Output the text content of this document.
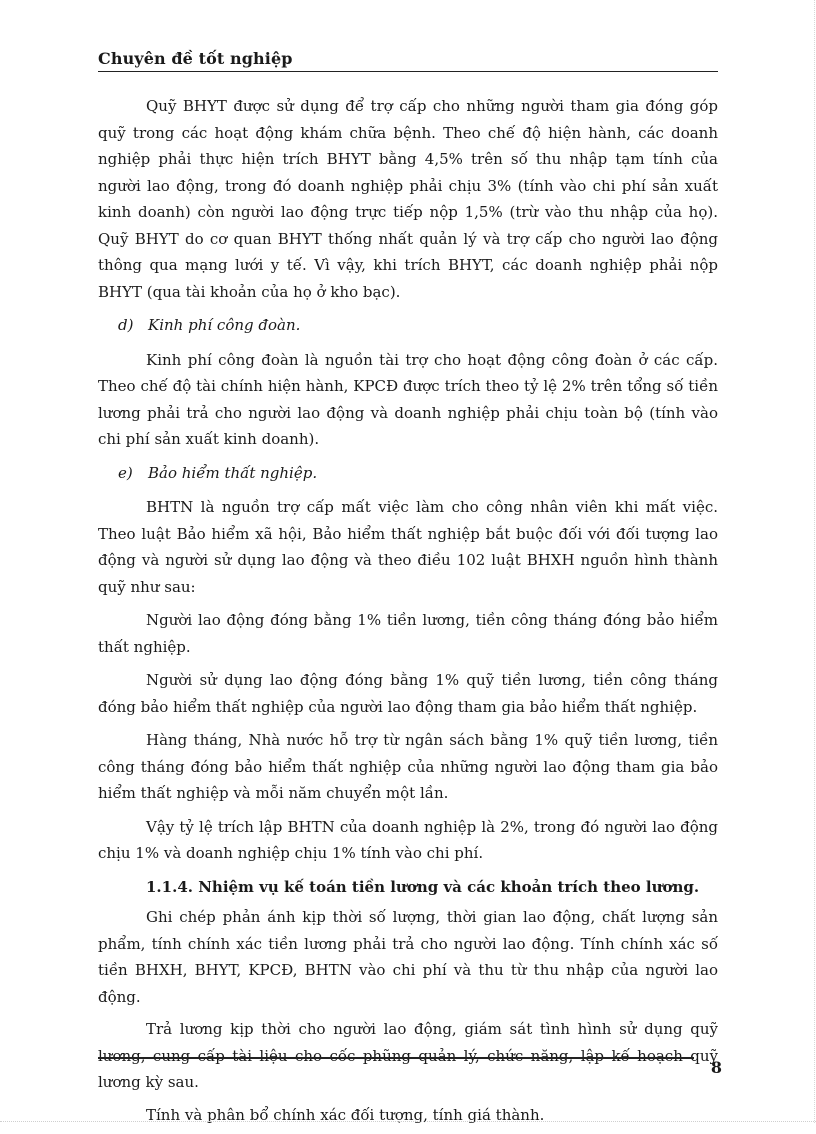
Chuyên đề tốt nghiệp

Quỹ BHYT được sử dụng để trợ cấp cho những người tham gia đóng góp quỹ trong các hoạt động khám chữa bệnh. Theo chế độ hiện hành, các doanh nghiệp phải thực hiện trích BHYT bằng 4,5% trên số thu nhập tạm tính của người lao động, trong đó doanh nghiệp phải chịu 3% (tính vào chi phí sản xuất kinh doanh) còn người lao động trực tiếp nộp 1,5% (trừ vào thu nhập của họ). Quỹ BHYT do cơ quan BHYT thống nhất quản lý và trợ cấp cho người lao động thông qua mạng lưới y tế. Vì vậy, khi trích BHYT, các doanh nghiệp phải nộp BHYT (qua tài khoản của họ ở kho bạc).

d) Kinh phí công đoàn.

Kinh phí công đoàn là nguồn tài trợ cho hoạt động công đoàn ở các cấp. Theo chế độ tài chính hiện hành, KPCĐ được trích theo tỷ lệ 2% trên tổng số tiền lương phải trả cho người lao động và doanh nghiệp phải chịu toàn bộ (tính vào chi phí sản xuất kinh doanh).

e) Bảo hiểm thất nghiệp.

BHTN là nguồn trợ cấp mất việc làm cho công nhân viên khi mất việc. Theo luật Bảo hiểm xã hội, Bảo hiểm thất nghiệp bắt buộc đối với đối tượng lao động và người sử dụng lao động và theo điều 102 luật BHXH nguồn hình thành quỹ như sau:

Người lao động đóng bằng 1% tiền lương, tiền công tháng đóng bảo hiểm thất nghiệp.

Người sử dụng lao động đóng bằng 1% quỹ tiền lương, tiền công tháng đóng bảo hiểm thất nghiệp của người lao động tham gia bảo hiểm thất nghiệp.

Hàng tháng, Nhà nước hỗ trợ từ ngân sách bằng 1% quỹ tiền lương, tiền công tháng đóng bảo hiểm thất nghiệp của những người lao động tham gia bảo hiểm thất nghiệp và mỗi năm chuyển một lần.

Vậy tỷ lệ trích lập BHTN của doanh nghiệp là 2%, trong đó người lao động chịu 1% và doanh nghiệp chịu 1% tính vào chi phí.

1.1.4. Nhiệm vụ kế toán tiền lương và các khoản trích theo lương.

Ghi chép phản ánh kịp thời số lượng, thời gian lao động, chất lượng sản phẩm, tính chính xác tiền lương phải trả cho người lao động. Tính chính xác số tiền BHXH, BHYT, KPCĐ, BHTN vào chi phí và thu từ thu nhập của người lao động.

Trả lương kịp thời cho người lao động, giám sát tình hình sử dụng quỹ lương, cung cấp tài liệu cho cốc phũng quản lý, chức năng, lập kế hoạch quỹ lương kỳ sau.

Tính và phân bổ chính xác đối tượng, tính giá thành.

8
